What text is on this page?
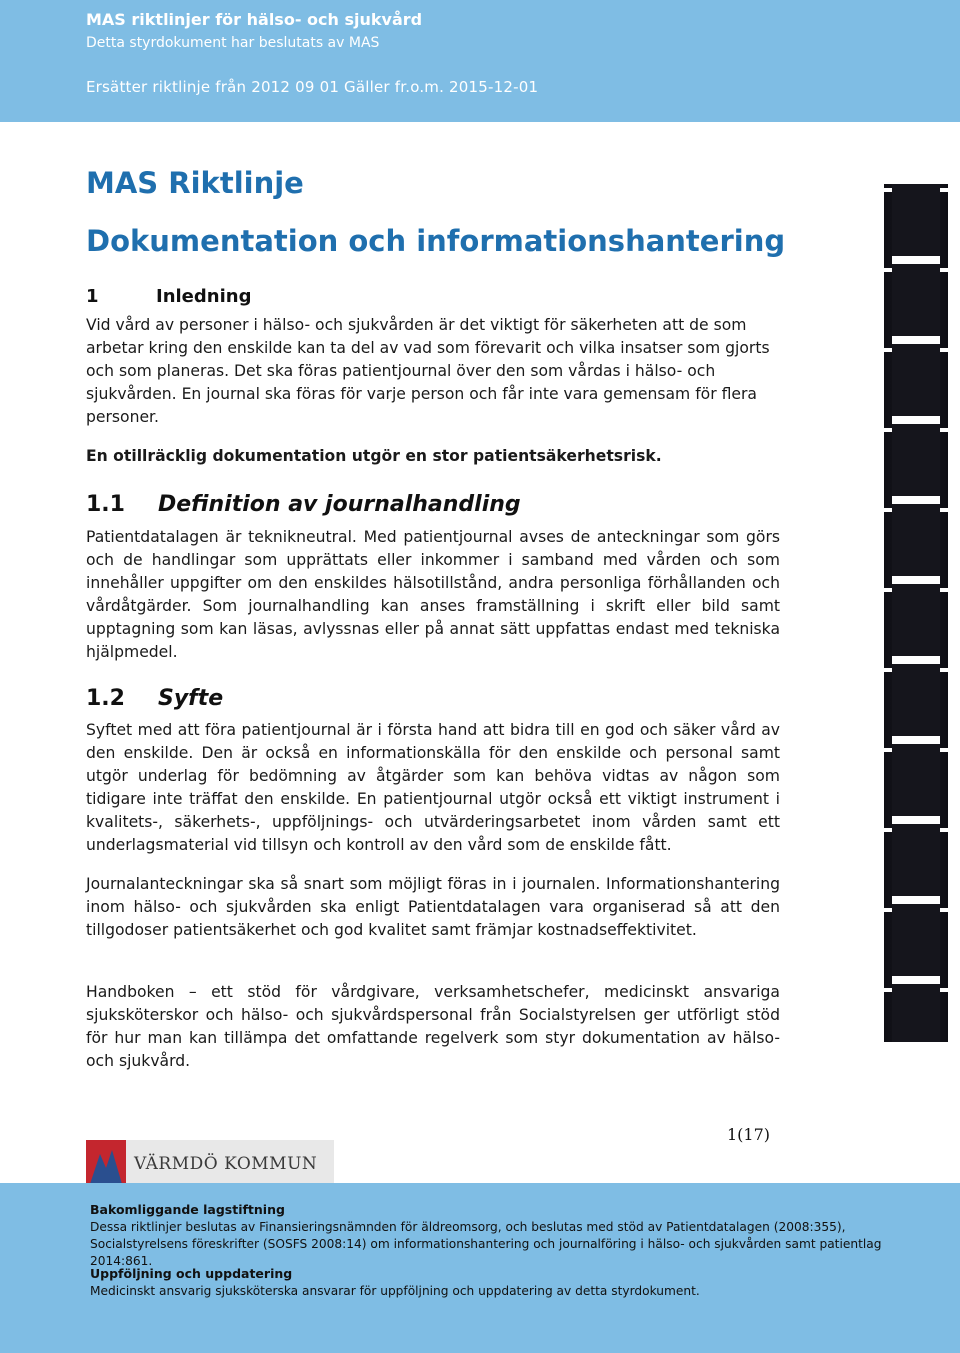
MAS riktlinjer för hälso- och sjukvård
Detta styrdokument har beslutats av MAS
Ersätter riktlinje från 2012 09 01 Gäller fr.o.m. 2015-12-01
MAS Riktlinje
Dokumentation och informationshantering
1	Inledning

Vid vård av personer i hälso- och sjukvården är det viktigt för säkerheten att de som arbetar kring den enskilde kan ta del av vad som förevarit och vilka insatser som gjorts och som planeras. Det ska föras patientjournal över den som vårdas i hälso- och sjukvården. En journal ska föras för varje person och får inte vara gemensam för flera personer.

En otillräcklig dokumentation utgör en stor patientsäkerhetsrisk.

1.1 Definition av journalhandling

Patientdatalagen är teknikneutral. Med patientjournal avses de anteckningar som görs och de handlingar som upprättats eller inkommer i samband med vården och som innehåller uppgifter om den enskildes hälsotillstånd, andra personliga förhållanden och vårdåtgärder. Som journalhandling kan anses framställning i skrift eller bild samt upptagning som kan läsas, avlyssnas eller på annat sätt uppfattas endast med tekniska hjälpmedel.

1.2 Syfte

Syftet med att föra patientjournal är i första hand att bidra till en god och säker vård av den enskilde. Den är också en informationskälla för den enskilde och personal samt utgör underlag för bedömning av åtgärder som kan behöva vidtas av någon som tidigare inte träffat den enskilde. En patientjournal utgör också ett viktigt instrument i kvalitets-, säkerhets-, uppföljnings- och utvärderingsarbetet inom vården samt ett underlagsmaterial vid tillsyn och kontroll av den vård som de enskilde fått.

Journalanteckningar ska så snart som möjligt föras in i journalen. Informationshantering inom hälso- och sjukvården ska enligt Patientdatalagen vara organiserad så att den tillgodoser patientsäkerhet och god kvalitet samt främjar kostnadseffektivitet.

Handboken – ett stöd för vårdgivare, verksamhetschefer, medicinskt ansvariga sjuksköterskor och hälso- och sjukvårdspersonal från Socialstyrelsen ger utförligt stöd för hur man kan tillämpa det omfattande regelverk som styr dokumentation av hälso- och sjukvård.

1(17)
VÄRMDÖ KOMMUN
Bakomliggande lagstiftning

Dessa riktlinjer beslutas av Finansieringsnämnden för äldreomsorg, och beslutas med stöd av Patientdatalagen (2008:355), Socialstyrelsens föreskrifter (SOSFS 2008:14) om informationshantering och journalföring i hälso- och sjukvården samt patientlag 2014:861.

Uppföljning och uppdatering

Medicinskt ansvarig sjuksköterska ansvarar för uppföljning och uppdatering av detta styrdokument.
